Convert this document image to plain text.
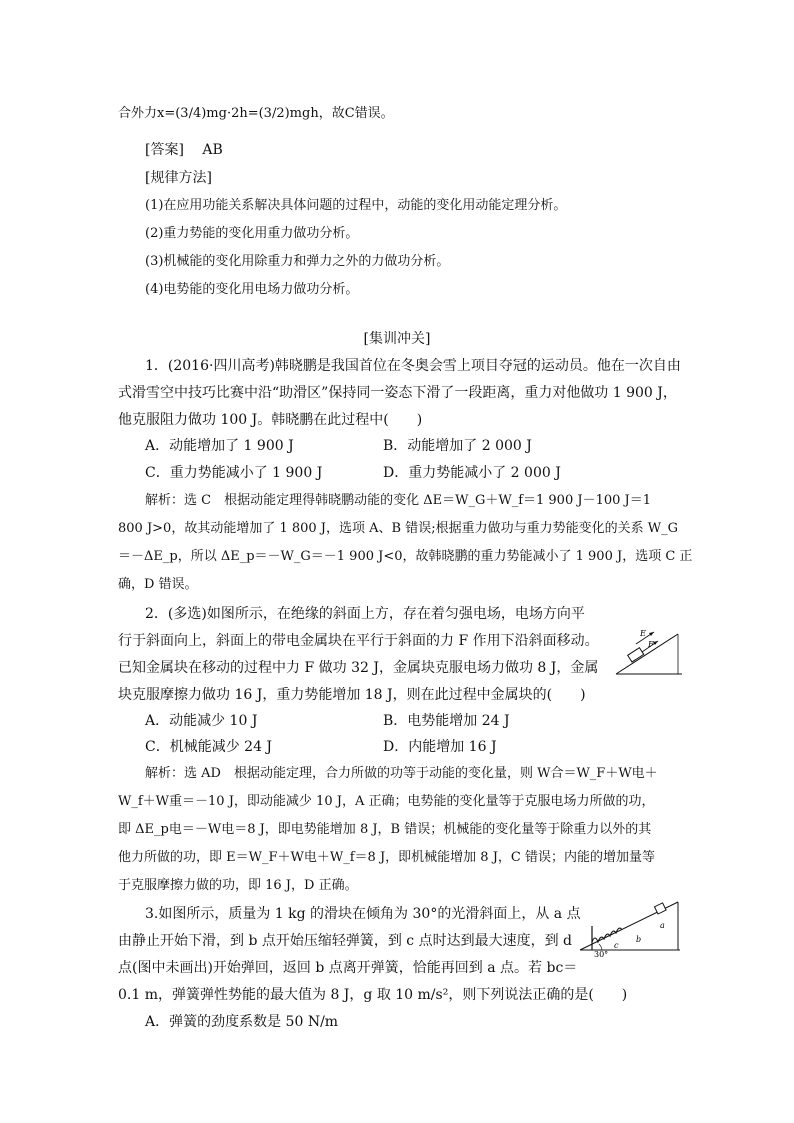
合外力x=(3/4)mg·2h=(3/2)mgh，故C错误。
[答案] AB
[规律方法]
(1)在应用功能关系解决具体问题的过程中，动能的变化用动能定理分析。
(2)重力势能的变化用重力做功分析。
(3)机械能的变化用除重力和弹力之外的力做功分析。
(4)电势能的变化用电场力做功分析。
[集训冲关]
1．(2016·四川高考)韩晓鹏是我国首位在冬奥会雪上项目夺冠的运动员。他在一次自由
式滑雪空中技巧比赛中沿“助滑区”保持同一姿态下滑了一段距离，重力对他做功 1 900 J，
他克服阻力做功 100 J。韩晓鹏在此过程中(　　)
A．动能增加了 1 900 J	B．动能增加了 2 000 J
C．重力势能减小了 1 900 J	D．重力势能减小了 2 000 J
解析：选 C　根据动能定理得韩晓鹏动能的变化 ΔE＝W_G＋W_f＝1 900 J－100 J＝1
800 J>0，故其动能增加了 1 800 J，选项 A、B 错误;根据重力做功与重力势能变化的关系 W_G
＝－ΔE_p，所以 ΔE_p＝－W_G＝－1 900 J<0，故韩晓鹏的重力势能减小了 1 900 J，选项 C 正
确，D 错误。
2．(多选)如图所示，在绝缘的斜面上方，存在着匀强电场，电场方向平
行于斜面向上，斜面上的带电金属块在平行于斜面的力 F 作用下沿斜面移动。
已知金属块在移动的过程中力 F 做功 32 J，金属块克服电场力做功 8 J，金属
块克服摩擦力做功 16 J，重力势能增加 18 J，则在此过程中金属块的(　　)
A．动能减少 10 J	B．电势能增加 24 J
C．机械能减少 24 J	D．内能增加 16 J
解析：选 AD　根据动能定理，合力所做的功等于动能的变化量，则 W合＝W_F＋W电＋
W_f＋W重＝－10 J，即动能减少 10 J，A 正确；电势能的变化量等于克服电场力所做的功，
即 ΔE_p电＝－W电＝8 J，即电势能增加 8 J，B 错误；机械能的变化量等于除重力以外的其
他力所做的功，即 E＝W_F＋W电＋W_f＝8 J，即机械能增加 8 J，C 错误；内能的增加量等
于克服摩擦力做的功，即 16 J，D 正确。
E
F
3.如图所示，质量为 1 kg 的滑块在倾角为 30°的光滑斜面上，从 a 点
由静止开始下滑，到 b 点开始压缩轻弹簧，到 c 点时达到最大速度，到 d
点(图中未画出)开始弹回，返回 b 点离开弹簧，恰能再回到 a 点。若 bc＝
0.1 m，弹簧弹性势能的最大值为 8 J，g 取 10 m/s²，则下列说法正确的是(　　)
A．弹簧的劲度系数是 50 N/m
a
b
c
30°
